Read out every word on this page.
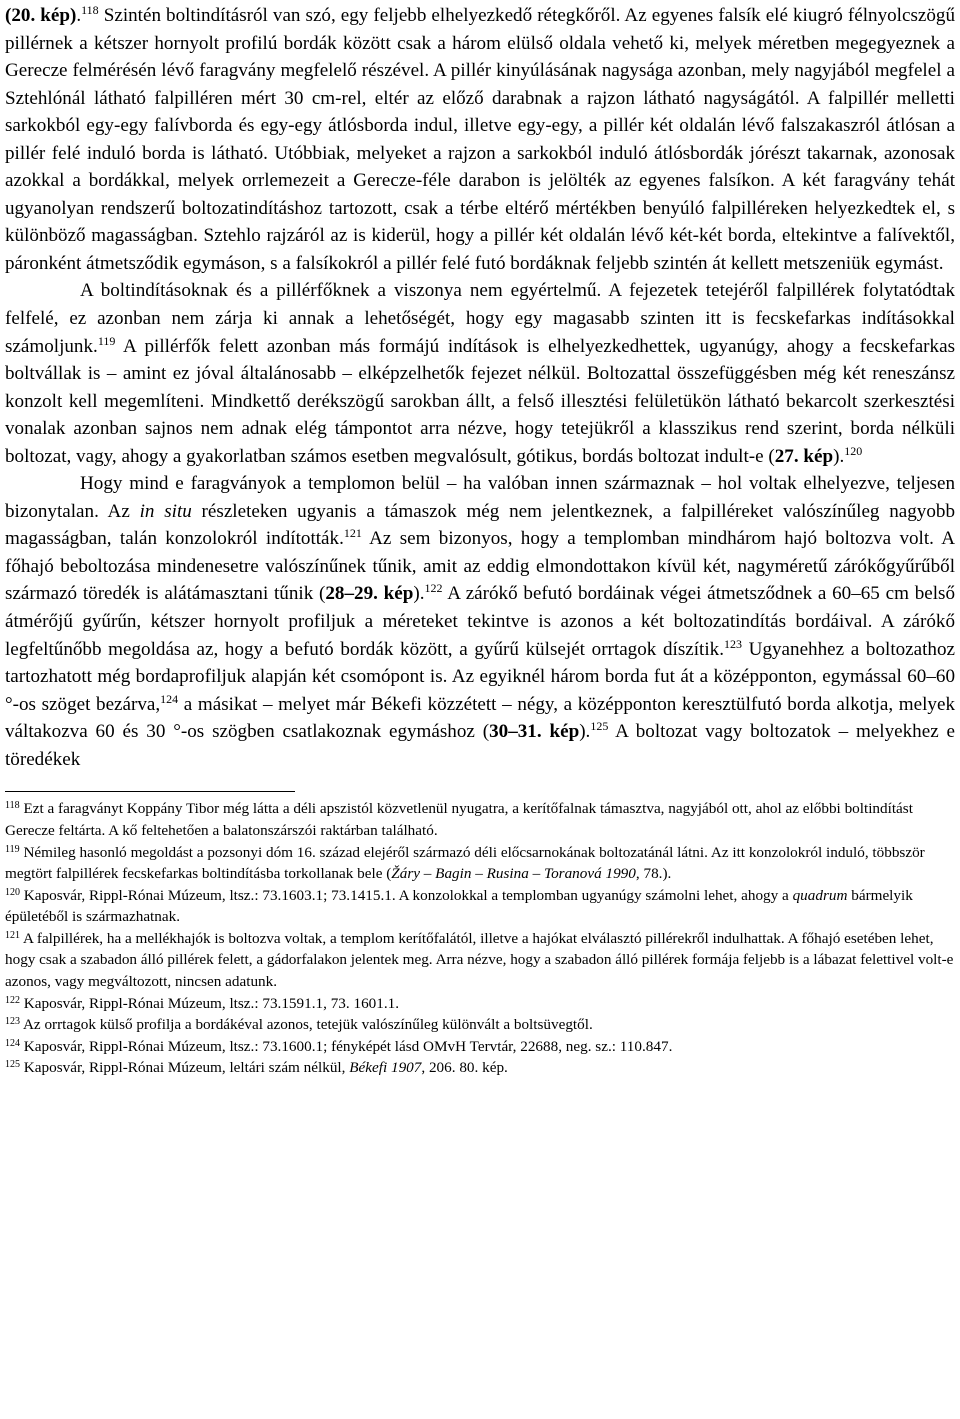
(20. kép).$^{118}$ Szintén boltindításról van szó, egy feljebb elhelyezkedő rétegkőről. Az egyenes falsík elé kiugró félnyolcszögű pillérnek a kétszer hornyolt profilú bordák között csak a három elülső oldala vehető ki, melyek méretben megegyeznek a Gerecze felmérésén lévő faragvány megfelelő részével. A pillér kinyúlásának nagysága azonban, mely nagyjából megfelel a Sztehlónál látható falpilléren mért 30 cm-rel, eltér az előző darabnak a rajzon látható nagyságától. A falpillér melletti sarkokból egy-egy falívborda és egy-egy átlósborda indul, illetve egy-egy, a pillér két oldalán lévő falszakaszról átlósan a pillér felé induló borda is látható. Utóbbiak, melyeket a rajzon a sarkokból induló átlósbordák jórészt takarnak, azonosak azokkal a bordákkal, melyek orrlemezeit a Gerecze-féle darabon is jelölték az egyenes falsíkon. A két faragvány tehát ugyanolyan rendszerű boltozatindításhoz tartozott, csak a térbe eltérő mértékben benyúló falpilléreken helyezkedtek el, s különböző magasságban. Sztehlo rajzáról az is kiderül, hogy a pillér két oldalán lévő két-két borda, eltekintve a falívektől, páronként átmetsződik egymáson, s a falsíkokról a pillér felé futó bordáknak feljebb szintén át kellett metszeniük egymást.

A boltindításoknak és a pillérfőknek a viszonya nem egyértelmű. A fejezetek tetejéről falpillérek folytatódtak felfelé, ez azonban nem zárja ki annak a lehetőségét, hogy egy magasabb szinten itt is fecskefarkas indításokkal számoljunk.$^{119}$ A pillérfők felett azonban más formájú indítások is elhelyezkedhettek, ugyanúgy, ahogy a fecskefarkas boltvállak is – amint ez jóval általánosabb – elképzelhetők fejezet nélkül. Boltozattal összefüggésben még két reneszánsz konzolt kell megemlíteni. Mindkettő derékszögű sarokban állt, a felső illesztési felületükön látható bekarcolt szerkesztési vonalak azonban sajnos nem adnak elég támpontot arra nézve, hogy tetejükről a klasszikus rend szerint, borda nélküli boltozat, vagy, ahogy a gyakorlatban számos esetben megvalósult, gótikus, bordás boltozat indult-e (27. kép).$^{120}$

Hogy mind e faragványok a templomon belül – ha valóban innen származnak – hol voltak elhelyezve, teljesen bizonytalan. Az in situ részleteken ugyanis a támaszok még nem jelentkeznek, a falpilléreket valószínűleg nagyobb magasságban, talán konzolokról indították.$^{121}$ Az sem bizonyos, hogy a templomban mindhárom hajó boltozva volt. A főhajó beboltozása mindenesetre valószínűnek tűnik, amit az eddig elmondottakon kívül két, nagyméretű zárókőgyűrűből származó töredék is alátámasztani tűnik (28–29. kép).$^{122}$ A zárókő befutó bordáinak végei átmetsződnek a 60–65 cm belső átmérőjű gyűrűn, kétszer hornyolt profiljuk a méreteket tekintve is azonos a két boltozatindítás bordáival. A zárókő legfeltűnőbb megoldása az, hogy a befutó bordák között, a gyűrű külsejét orrtagok díszítik.$^{123}$ Ugyanehhez a boltozathoz tartozhatott még bordaprofiljuk alapján két csomópont is. Az egyiknél három borda fut át a középponton, egymással 60–60 °-os szöget bezárva,$^{124}$ a másikat – melyet már Békefi közzétett – négy, a középponton keresztülfutó borda alkotja, melyek váltakozva 60 és 30 °-os szögben csatlakoznak egymáshoz (30–31. kép).$^{125}$ A boltozat vagy boltozatok – melyekhez e töredékek

$^{118}$ Ezt a faragványt Koppány Tibor még látta a déli apszistól közvetlenül nyugatra, a kerítőfalnak támasztva, nagyjából ott, ahol az előbbi boltindítást Gerecze feltárta. A kő feltehetően a balatonszárszói raktárban található.

$^{119}$ Némileg hasonló megoldást a pozsonyi dóm 16. század elejéről származó déli előcsarnokának boltozatánál látni. Az itt konzolokról induló, többször megtört falpillérek fecskefarkas boltindításba torkollanak bele (Žáry – Bagin – Rusina – Toranová 1990, 78.).

$^{120}$ Kaposvár, Rippl-Rónai Múzeum, ltsz.: 73.1603.1; 73.1415.1. A konzolokkal a templomban ugyanúgy számolni lehet, ahogy a quadrum bármelyik épületéből is származhatnak.

$^{121}$ A falpillérek, ha a mellékhajók is boltozva voltak, a templom kerítőfalától, illetve a hajókat elválasztó pillérekről indulhattak. A főhajó esetében lehet, hogy csak a szabadon álló pillérek felett, a gádorfalakon jelentek meg. Arra nézve, hogy a szabadon álló pillérek formája feljebb is a lábazat felettivel volt-e azonos, vagy megváltozott, nincsen adatunk.

$^{122}$ Kaposvár, Rippl-Rónai Múzeum, ltsz.: 73.1591.1, 73. 1601.1.

$^{123}$ Az orrtagok külső profilja a bordákéval azonos, tetejük valószínűleg különvált a boltsüvegtől.

$^{124}$ Kaposvár, Rippl-Rónai Múzeum, ltsz.: 73.1600.1; fényképét lásd OMvH Tervtár, 22688, neg. sz.: 110.847.

$^{125}$ Kaposvár, Rippl-Rónai Múzeum, leltári szám nélkül, Békefi 1907, 206. 80. kép.
